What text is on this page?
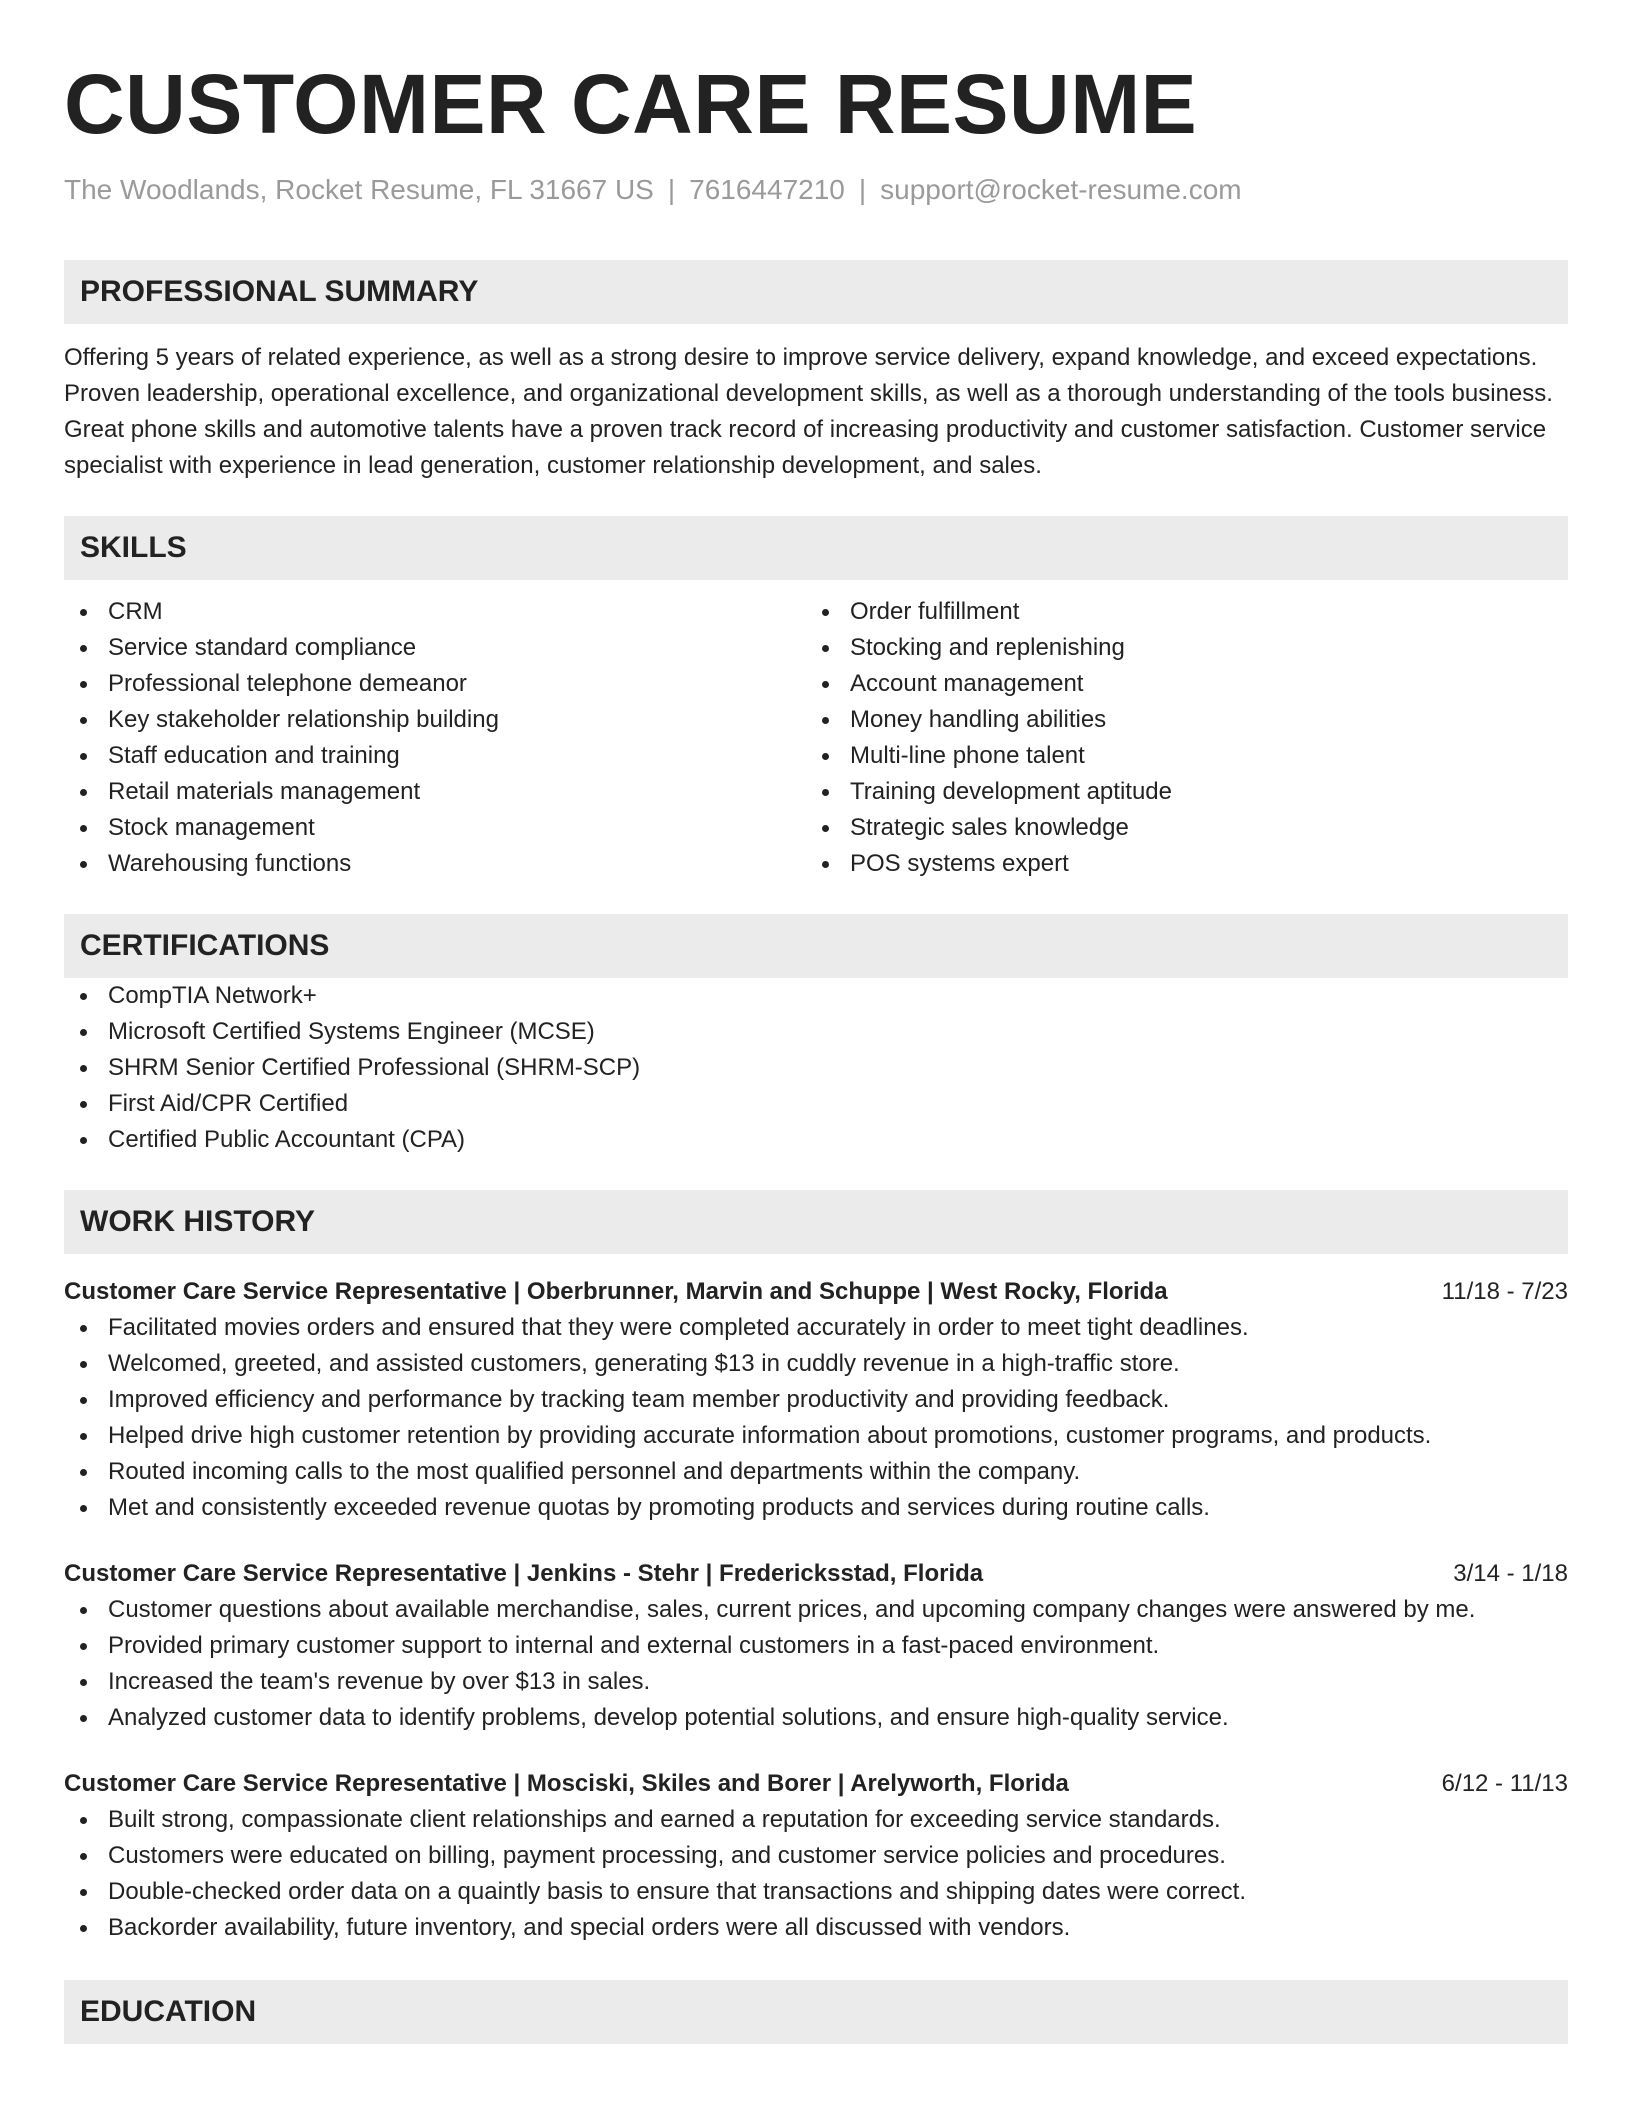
CUSTOMER CARE RESUME
The Woodlands, Rocket Resume, FL 31667 US | 7616447210 | support@rocket-resume.com
PROFESSIONAL SUMMARY

Offering 5 years of related experience, as well as a strong desire to improve service delivery, expand knowledge, and exceed expectations. Proven leadership, operational excellence, and organizational development skills, as well as a thorough understanding of the tools business. Great phone skills and automotive talents have a proven track record of increasing productivity and customer satisfaction. Customer service specialist with experience in lead generation, customer relationship development, and sales.

SKILLS
CRM
Service standard compliance
Professional telephone demeanor
Key stakeholder relationship building
Staff education and training
Retail materials management
Stock management
Warehousing functions
Order fulfillment
Stocking and replenishing
Account management
Money handling abilities
Multi-line phone talent
Training development aptitude
Strategic sales knowledge
POS systems expert
CERTIFICATIONS
CompTIA Network+
Microsoft Certified Systems Engineer (MCSE)
SHRM Senior Certified Professional (SHRM-SCP)
First Aid/CPR Certified
Certified Public Accountant (CPA)
WORK HISTORY
Customer Care Service Representative | Oberbrunner, Marvin and Schuppe | West Rocky, Florida	11/18 - 7/23
Facilitated movies orders and ensured that they were completed accurately in order to meet tight deadlines.
Welcomed, greeted, and assisted customers, generating $13 in cuddly revenue in a high-traffic store.
Improved efficiency and performance by tracking team member productivity and providing feedback.
Helped drive high customer retention by providing accurate information about promotions, customer programs, and products.
Routed incoming calls to the most qualified personnel and departments within the company.
Met and consistently exceeded revenue quotas by promoting products and services during routine calls.
Customer Care Service Representative | Jenkins - Stehr | Fredericksstad, Florida	3/14 - 1/18
Customer questions about available merchandise, sales, current prices, and upcoming company changes were answered by me.
Provided primary customer support to internal and external customers in a fast-paced environment.
Increased the team's revenue by over $13 in sales.
Analyzed customer data to identify problems, develop potential solutions, and ensure high-quality service.
Customer Care Service Representative | Mosciski, Skiles and Borer | Arelyworth, Florida	6/12 - 11/13
Built strong, compassionate client relationships and earned a reputation for exceeding service standards.
Customers were educated on billing, payment processing, and customer service policies and procedures.
Double-checked order data on a quaintly basis to ensure that transactions and shipping dates were correct.
Backorder availability, future inventory, and special orders were all discussed with vendors.
EDUCATION
